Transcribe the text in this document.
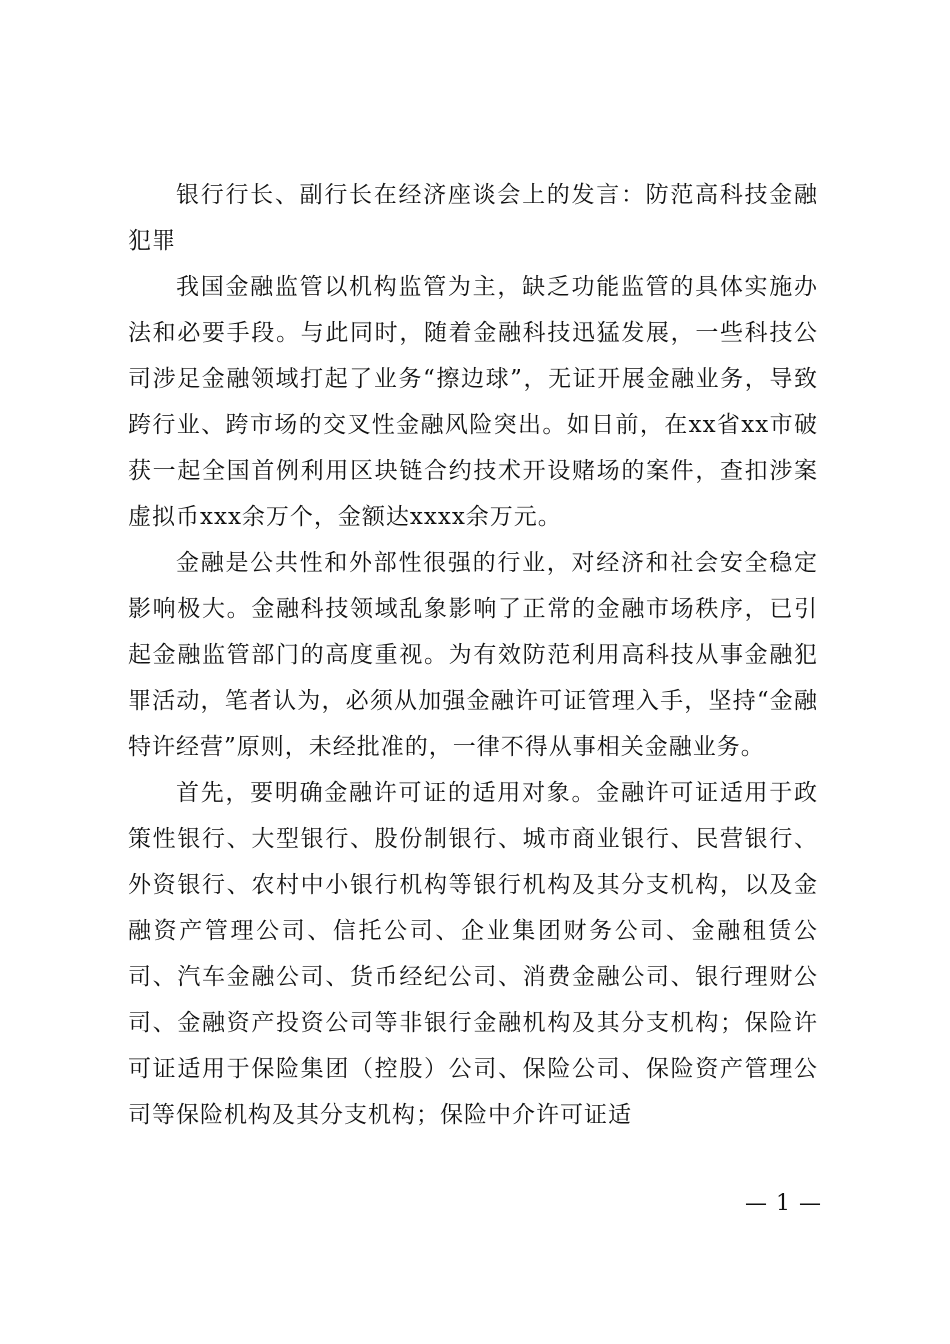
银行行长、副行长在经济座谈会上的发言：防范高科技金融犯罪

我国金融监管以机构监管为主，缺乏功能监管的具体实施办法和必要手段。与此同时，随着金融科技迅猛发展，一些科技公司涉足金融领域打起了业务“擦边球”，无证开展金融业务，导致跨行业、跨市场的交叉性金融风险突出。如日前，在xx省xx市破获一起全国首例利用区块链合约技术开设赌场的案件，查扣涉案虚拟币xxx余万个，金额达xxxx余万元。

金融是公共性和外部性很强的行业，对经济和社会安全稳定影响极大。金融科技领域乱象影响了正常的金融市场秩序，已引起金融监管部门的高度重视。为有效防范利用高科技从事金融犯罪活动，笔者认为，必须从加强金融许可证管理入手，坚持“金融特许经营”原则，未经批准的，一律不得从事相关金融业务。

首先，要明确金融许可证的适用对象。金融许可证适用于政策性银行、大型银行、股份制银行、城市商业银行、民营银行、外资银行、农村中小银行机构等银行机构及其分支机构，以及金融资产管理公司、信托公司、企业集团财务公司、金融租赁公司、汽车金融公司、货币经纪公司、消费金融公司、银行理财公司、金融资产投资公司等非银行金融机构及其分支机构；保险许可证适用于保险集团（控股）公司、保险公司、保险资产管理公司等保险机构及其分支机构；保险中介许可证适

— 1 —
